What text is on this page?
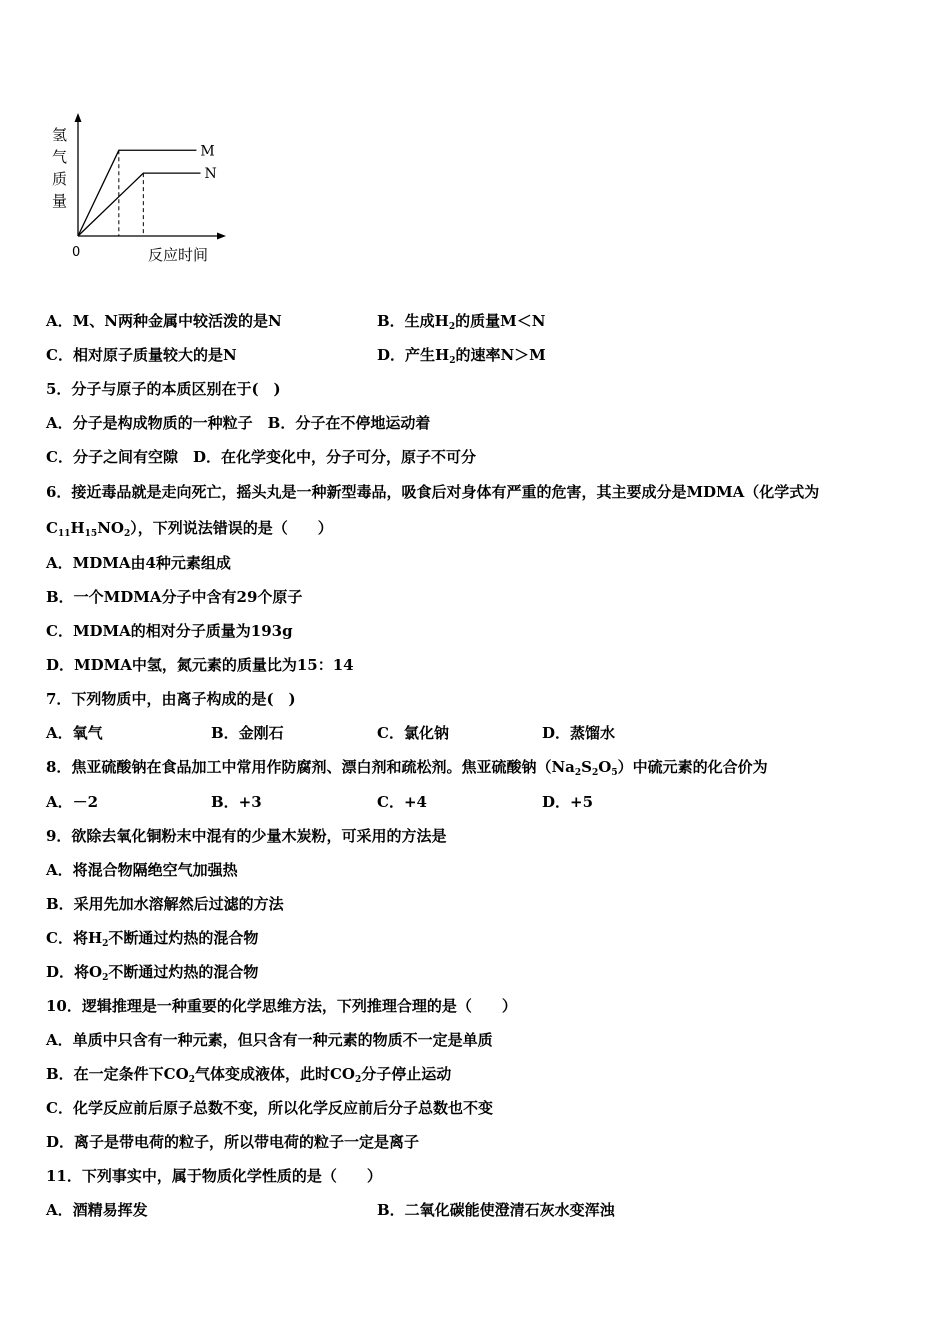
氢
气
质
量
0	反应时间
M
N
A．M、N两种金属中较活泼的是N	B．生成$H_2$的质量M＜N
C．相对原子质量较大的是N	D．产生$H_2$的速率N＞M
5．分子与原子的本质区别在于(　)
A．分子是构成物质的一种粒子　B．分子在不停地运动着
C．分子之间有空隙　D．在化学变化中，分子可分，原子不可分
6．接近毒品就是走向死亡，摇头丸是一种新型毒品，吸食后对身体有严重的危害，其主要成分是MDMA（化学式为
$C_{11}H_{15}NO_2$），下列说法错误的是（　　）
A．MDMA由4种元素组成
B．一个MDMA分子中含有29个原子
C．MDMA的相对分子质量为193g
D．MDMA中氢，氮元素的质量比为15：14
7．下列物质中，由离子构成的是(　)
A．氧气	B．金刚石	C．氯化钠	D．蒸馏水
8．焦亚硫酸钠在食品加工中常用作防腐剂、漂白剂和疏松剂。焦亚硫酸钠$(Na_2S_2O_5)$中硫元素的化合价为
A．－2	B．+3	C．+4	D．+5
9．欲除去氧化铜粉末中混有的少量木炭粉，可采用的方法是
A．将混合物隔绝空气加强热
B．采用先加水溶解然后过滤的方法
C．将$H_2$不断通过灼热的混合物
D．将$O_2$不断通过灼热的混合物
10．逻辑推理是一种重要的化学思维方法，下列推理合理的是（　　）
A．单质中只含有一种元素，但只含有一种元素的物质不一定是单质
B．在一定条件下$CO_2$气体变成液体，此时$CO_2$分子停止运动
C．化学反应前后原子总数不变，所以化学反应前后分子总数也不变
D．离子是带电荷的粒子，所以带电荷的粒子一定是离子
11．下列事实中，属于物质化学性质的是（　　）
A．酒精易挥发	B．二氧化碳能使澄清石灰水变浑浊
